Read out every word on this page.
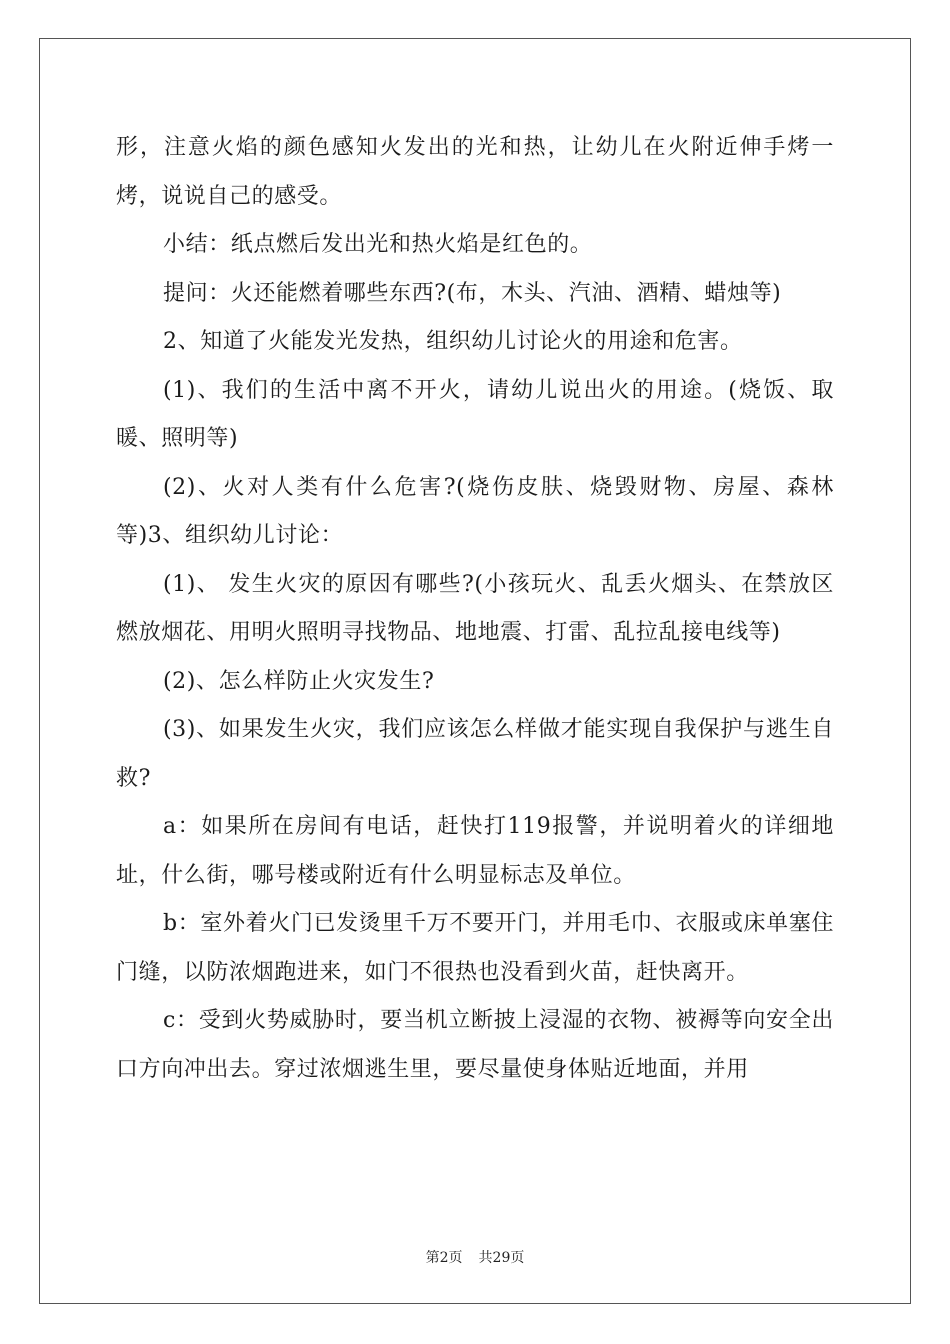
形，注意火焰的颜色感知火发出的光和热，让幼儿在火附近伸手烤一烤，说说自己的感受。

小结：纸点燃后发出光和热火焰是红色的。

提问：火还能燃着哪些东西?(布，木头、汽油、酒精、蜡烛等)

2、知道了火能发光发热，组织幼儿讨论火的用途和危害。

(1)、我们的生活中离不开火，请幼儿说出火的用途。(烧饭、取暖、照明等)

(2)、火对人类有什么危害?(烧伤皮肤、烧毁财物、房屋、森林等)3、组织幼儿讨论：

(1)、 发生火灾的原因有哪些?(小孩玩火、乱丢火烟头、在禁放区燃放烟花、用明火照明寻找物品、地地震、打雷、乱拉乱接电线等)

(2)、怎么样防止火灾发生?

(3)、如果发生火灾，我们应该怎么样做才能实现自我保护与逃生自救?

a：如果所在房间有电话，赶快打119报警，并说明着火的详细地址，什么街，哪号楼或附近有什么明显标志及单位。

b：室外着火门已发烫里千万不要开门，并用毛巾、衣服或床单塞住门缝，以防浓烟跑进来，如门不很热也没看到火苗，赶快离开。

c：受到火势威胁时，要当机立断披上浸湿的衣物、被褥等向安全出口方向冲出去。穿过浓烟逃生里，要尽量使身体贴近地面，并用

第2页 共29页
